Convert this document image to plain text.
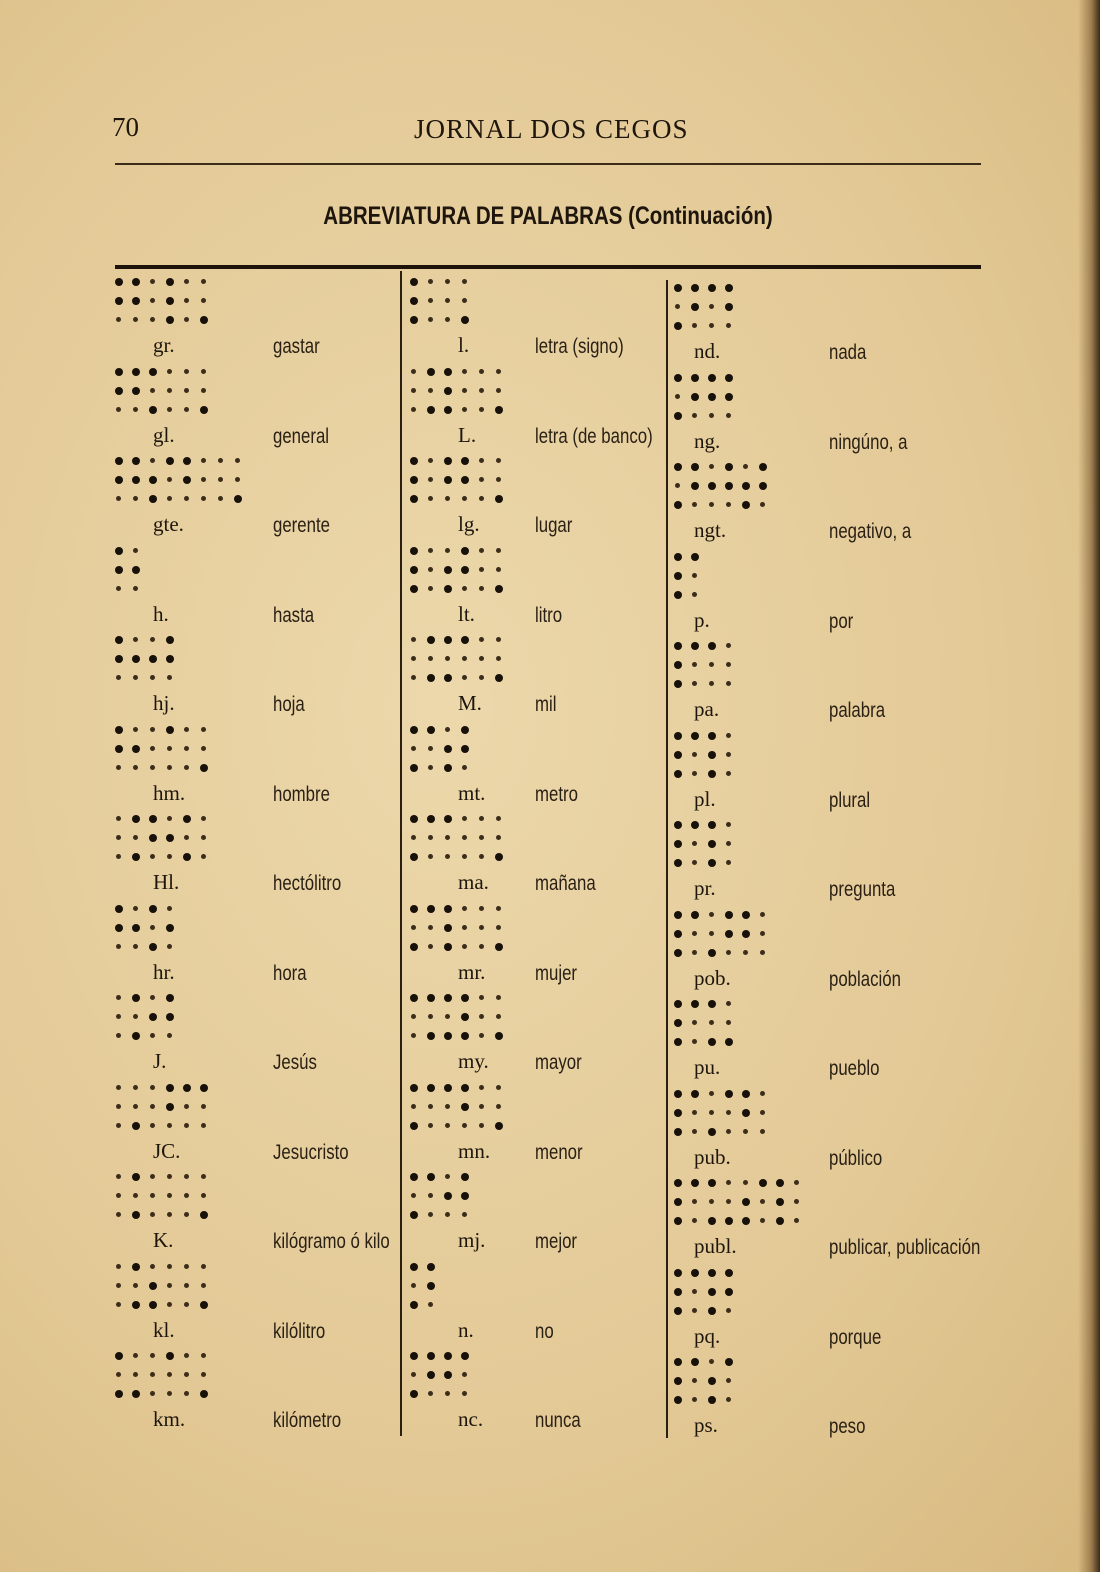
70	JORNAL DOS CEGOS
ABREVIATURA DE PALABRAS (Continuación)
gr.	gastar
gl.	general
gte.	gerente
h.	hasta
hj.	hoja
hm.	hombre
Hl.	hectólitro
hr.	hora
J.	Jesús
JC.	Jesucristo
K.	kilógramo ó kilo
kl.	kilólitro
km.	kilómetro
l.	letra (signo)
L.	letra (de banco)
lg.	lugar
lt.	litro
M.	mil
mt. metro
ma. mañana
mr. mujer
my. mayor
mn. menor
mj. mejor
n.	no
nc. nunca
nd.	nada
ng.	ningúno, a
ngt.	negativo, a
p.	por
pa.	palabra
pl.	plural
pr.	pregunta
pob.	población
pu.	pueblo
pub.	público
publ.	publicar, publicación
pq.	porque
ps.	peso
